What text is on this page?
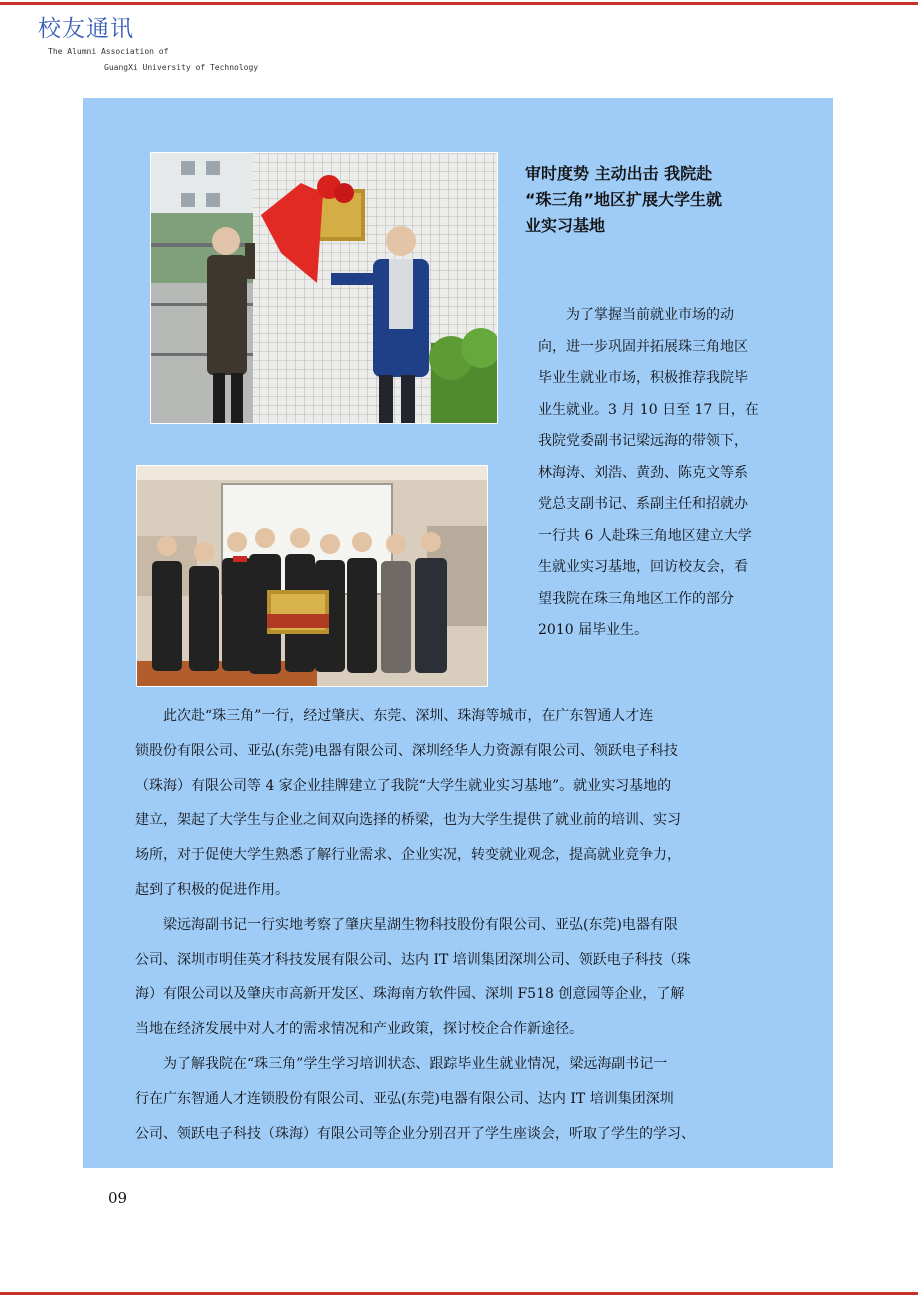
校友通讯
The Alumni Association of
GuangXi University of Technology
审时度势 主动出击 我院赴
“珠三角”地区扩展大学生就
业实习基地
　　为了掌握当前就业市场的动
向，进一步巩固并拓展珠三角地区
毕业生就业市场，积极推荐我院毕
业生就业。3 月 10 日至 17 日，在
我院党委副书记梁远海的带领下，
林海涛、刘浩、黄劲、陈克文等系
党总支副书记、系副主任和招就办
一行共 6 人赴珠三角地区建立大学
生就业实习基地，回访校友会，看
望我院在珠三角地区工作的部分
2010 届毕业生。
　　此次赴“珠三角”一行，经过肇庆、东莞、深圳、珠海等城市，在广东智通人才连
锁股份有限公司、亚弘(东莞)电器有限公司、深圳经华人力资源有限公司、领跃电子科技
（珠海）有限公司等 4 家企业挂牌建立了我院“大学生就业实习基地”。就业实习基地的
建立，架起了大学生与企业之间双向选择的桥梁，也为大学生提供了就业前的培训、实习
场所，对于促使大学生熟悉了解行业需求、企业实况，转变就业观念，提高就业竞争力，
起到了积极的促进作用。
　　梁远海副书记一行实地考察了肇庆星湖生物科技股份有限公司、亚弘(东莞)电器有限
公司、深圳市明佳英才科技发展有限公司、达内 IT 培训集团深圳公司、领跃电子科技（珠
海）有限公司以及肇庆市高新开发区、珠海南方软件园、深圳 F518 创意园等企业，了解
当地在经济发展中对人才的需求情况和产业政策，探讨校企合作新途径。
　　为了解我院在“珠三角”学生学习培训状态、跟踪毕业生就业情况，梁远海副书记一
行在广东智通人才连锁股份有限公司、亚弘(东莞)电器有限公司、达内 IT 培训集团深圳
公司、领跃电子科技（珠海）有限公司等企业分别召开了学生座谈会，听取了学生的学习、
09
